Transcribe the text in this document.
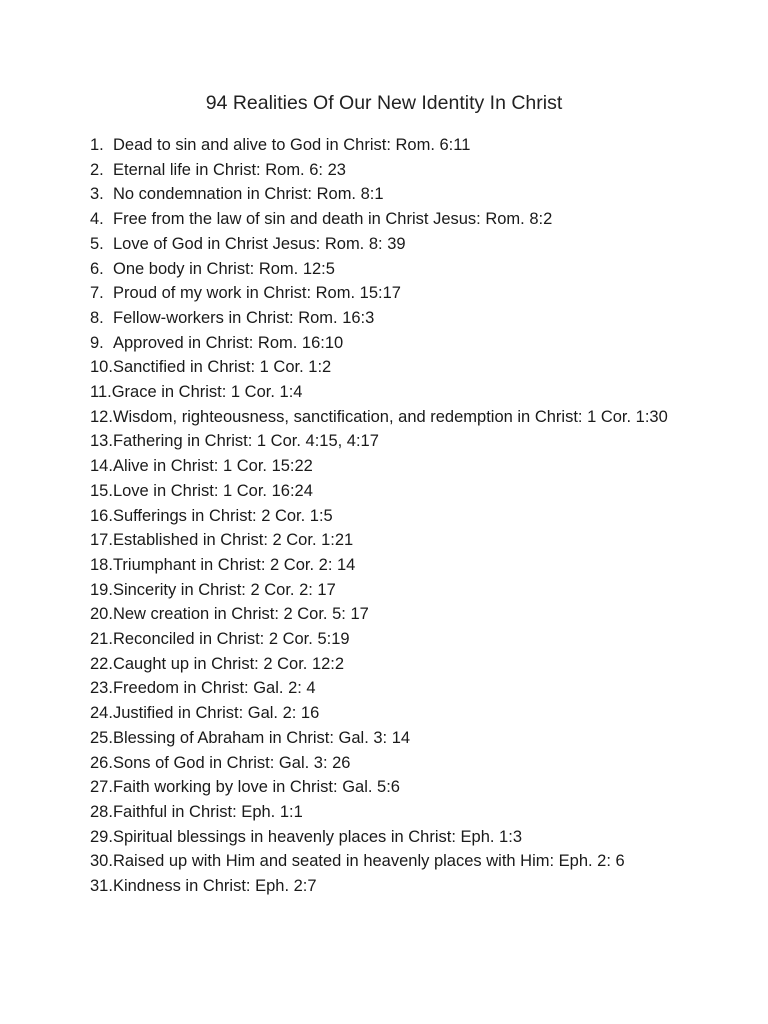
94 Realities Of Our New Identity In Christ
1. Dead to sin and alive to God in Christ: Rom. 6:11
2. Eternal life in Christ: Rom. 6: 23
3. No condemnation in Christ: Rom. 8:1
4. Free from the law of sin and death in Christ Jesus: Rom. 8:2
5. Love of God in Christ Jesus: Rom. 8: 39
6. One body in Christ: Rom. 12:5
7. Proud of my work in Christ: Rom. 15:17
8. Fellow-workers in Christ: Rom. 16:3
9. Approved in Christ: Rom. 16:10
10. Sanctified in Christ: 1 Cor. 1:2
11. Grace in Christ: 1 Cor. 1:4
12. Wisdom, righteousness, sanctification, and redemption in Christ: 1 Cor. 1:30
13. Fathering in Christ: 1 Cor. 4:15, 4:17
14. Alive in Christ: 1 Cor. 15:22
15. Love in Christ: 1 Cor. 16:24
16. Sufferings in Christ: 2 Cor. 1:5
17. Established in Christ: 2 Cor. 1:21
18. Triumphant in Christ: 2 Cor. 2: 14
19. Sincerity in Christ: 2 Cor. 2: 17
20. New creation in Christ: 2 Cor. 5: 17
21. Reconciled in Christ: 2 Cor. 5:19
22. Caught up in Christ: 2 Cor. 12:2
23. Freedom in Christ: Gal. 2: 4
24. Justified in Christ: Gal. 2: 16
25. Blessing of Abraham in Christ: Gal. 3: 14
26. Sons of God in Christ: Gal. 3: 26
27. Faith working by love in Christ: Gal. 5:6
28. Faithful in Christ: Eph. 1:1
29. Spiritual blessings in heavenly places in Christ: Eph. 1:3
30. Raised up with Him and seated in heavenly places with Him: Eph. 2: 6
31. Kindness in Christ: Eph. 2:7
